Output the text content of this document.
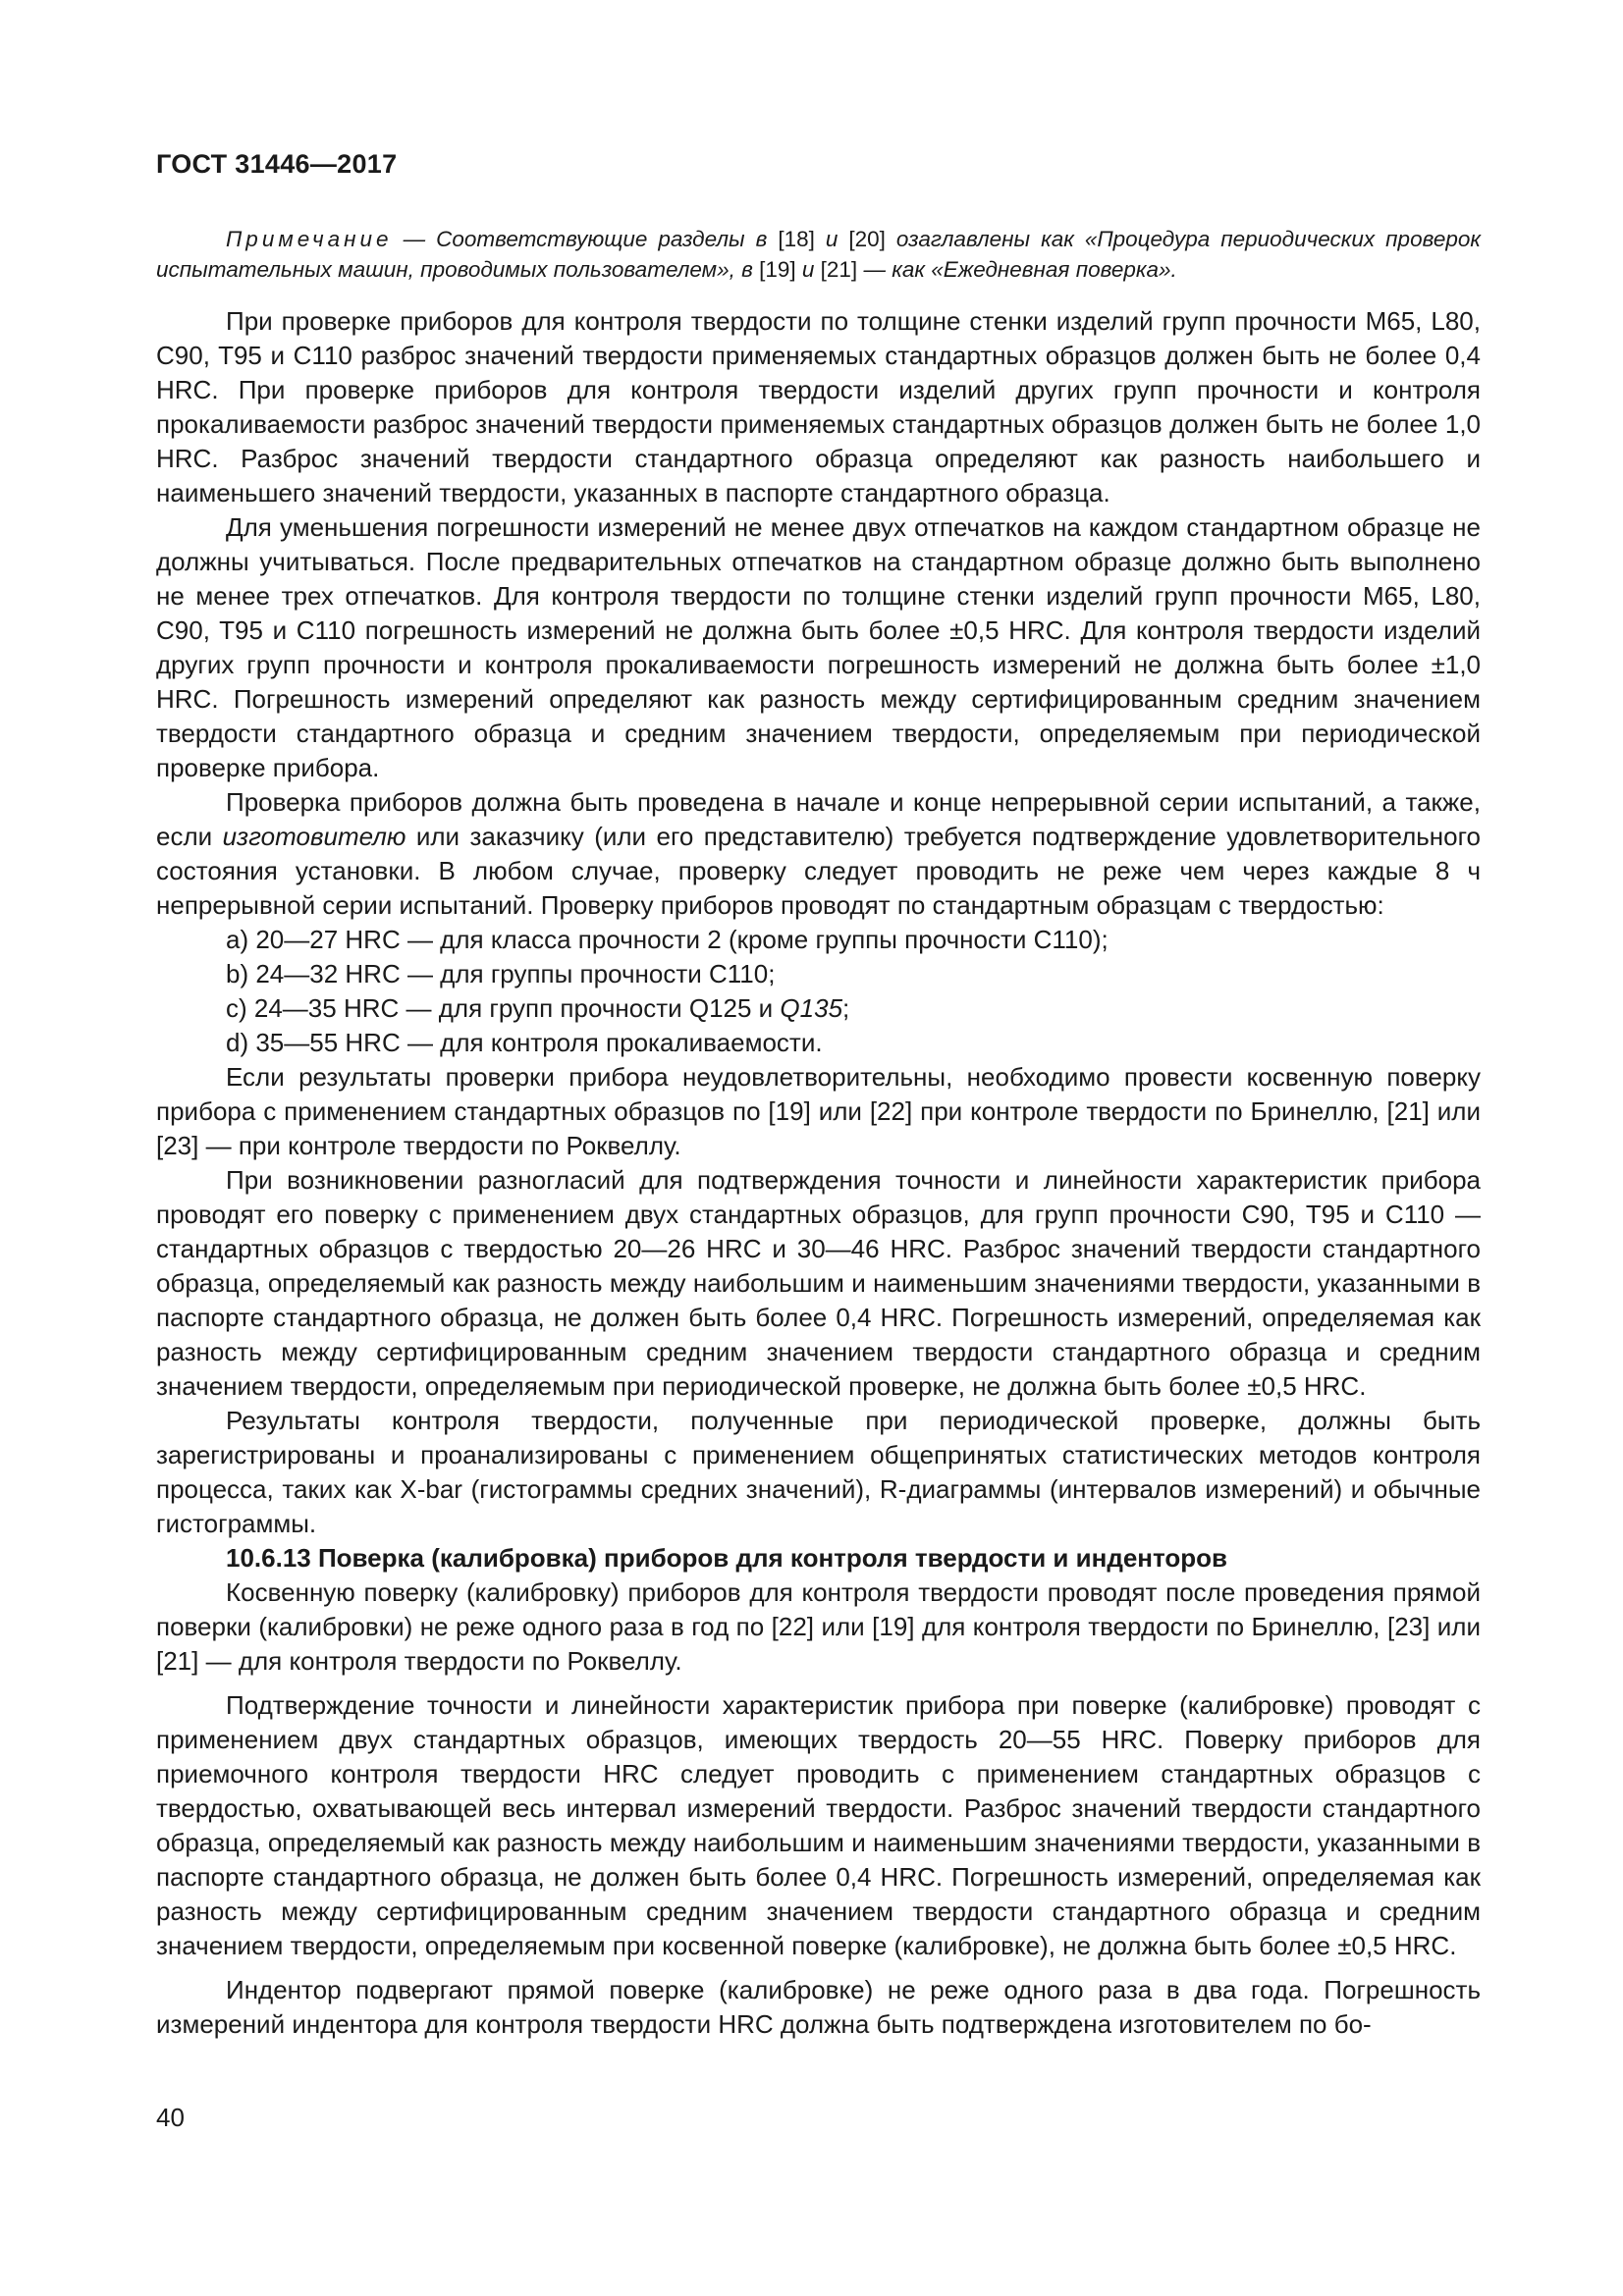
ГОСТ 31446—2017
Примечание — Соответствующие разделы в [18] и [20] озаглавлены как «Процедура периодических проверок испытательных машин, проводимых пользователем», в [19] и [21] — как «Ежедневная поверка».

При проверке приборов для контроля твердости по толщине стенки изделий групп прочности M65, L80, C90, T95 и C110 разброс значений твердости применяемых стандартных образцов должен быть не более 0,4 HRC. При проверке приборов для контроля твердости изделий других групп прочности и контроля прокаливаемости разброс значений твердости применяемых стандартных образцов должен быть не более 1,0 HRC. Разброс значений твердости стандартного образца определяют как разность наибольшего и наименьшего значений твердости, указанных в паспорте стандартного образца.

Для уменьшения погрешности измерений не менее двух отпечатков на каждом стандартном образце не должны учитываться. После предварительных отпечатков на стандартном образце должно быть выполнено не менее трех отпечатков. Для контроля твердости по толщине стенки изделий групп прочности M65, L80, C90, T95 и C110 погрешность измерений не должна быть более ±0,5 HRC. Для контроля твердости изделий других групп прочности и контроля прокаливаемости погрешность измерений не должна быть более ±1,0 HRC. Погрешность измерений определяют как разность между сертифицированным средним значением твердости стандартного образца и средним значением твердости, определяемым при периодической проверке прибора.

Проверка приборов должна быть проведена в начале и конце непрерывной серии испытаний, а также, если изготовителю или заказчику (или его представителю) требуется подтверждение удовлетворительного состояния установки. В любом случае, проверку следует проводить не реже чем через каждые 8 ч непрерывной серии испытаний. Проверку приборов проводят по стандартным образцам с твердостью:

a) 20—27 HRC — для класса прочности 2 (кроме группы прочности C110);

b) 24—32 HRC — для группы прочности C110;

c) 24—35 HRC — для групп прочности Q125 и Q135;

d) 35—55 HRC — для контроля прокаливаемости.

Если результаты проверки прибора неудовлетворительны, необходимо провести косвенную поверку прибора с применением стандартных образцов по [19] или [22] при контроле твердости по Бринеллю, [21] или [23] — при контроле твердости по Роквеллу.

При возникновении разногласий для подтверждения точности и линейности характеристик прибора проводят его поверку с применением двух стандартных образцов, для групп прочности C90, T95 и C110 — стандартных образцов с твердостью 20—26 HRC и 30—46 HRC. Разброс значений твердости стандартного образца, определяемый как разность между наибольшим и наименьшим значениями твердости, указанными в паспорте стандартного образца, не должен быть более 0,4 HRC. Погрешность измерений, определяемая как разность между сертифицированным средним значением твердости стандартного образца и средним значением твердости, определяемым при периодической проверке, не должна быть более ±0,5 HRC.

Результаты контроля твердости, полученные при периодической проверке, должны быть зарегистрированы и проанализированы с применением общепринятых статистических методов контроля процесса, таких как X-bar (гистограммы средних значений), R-диаграммы (интервалов измерений) и обычные гистограммы.

10.6.13 Поверка (калибровка) приборов для контроля твердости и инденторов

Косвенную поверку (калибровку) приборов для контроля твердости проводят после проведения прямой поверки (калибровки) не реже одного раза в год по [22] или [19] для контроля твердости по Бринеллю, [23] или [21] — для контроля твердости по Роквеллу.

Подтверждение точности и линейности характеристик прибора при поверке (калибровке) проводят с применением двух стандартных образцов, имеющих твердость 20—55 HRC. Поверку приборов для приемочного контроля твердости HRC следует проводить с применением стандартных образцов с твердостью, охватывающей весь интервал измерений твердости. Разброс значений твердости стандартного образца, определяемый как разность между наибольшим и наименьшим значениями твердости, указанными в паспорте стандартного образца, не должен быть более 0,4 HRC. Погрешность измерений, определяемая как разность между сертифицированным средним значением твердости стандартного образца и средним значением твердости, определяемым при косвенной поверке (калибровке), не должна быть более ±0,5 HRC.

Индентор подвергают прямой поверке (калибровке) не реже одного раза в два года. Погрешность измерений индентора для контроля твердости HRC должна быть подтверждена изготовителем по бо-

40
